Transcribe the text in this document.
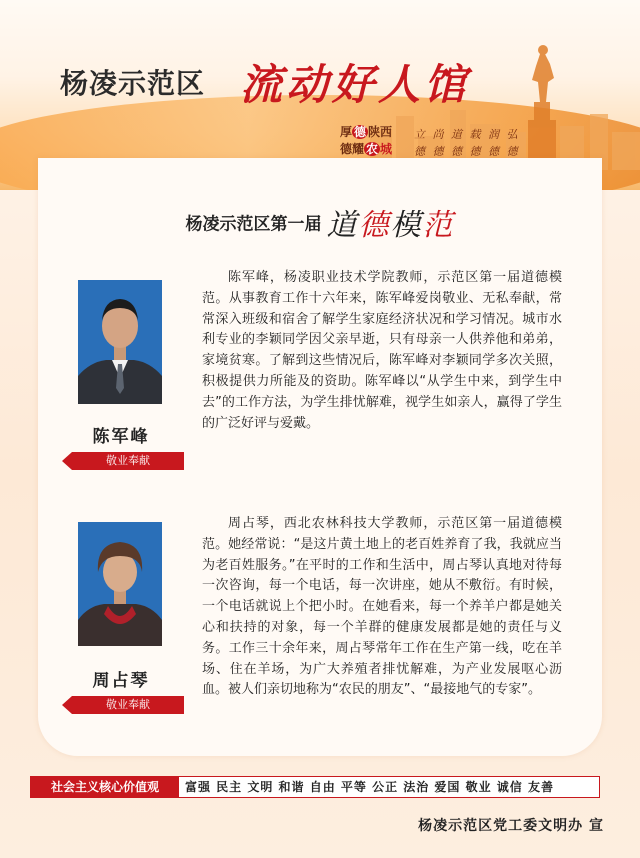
杨凌示范区 流动好人馆
厚 德 陕西
德耀 农 城
立 尚 道 载 润 弘
德 德 德 德 德 德
杨凌示范区第一届 道德模范
陈军峰
敬业奉献

陈军峰，杨凌职业技术学院教师，示范区第一届道德模范。从事教育工作十六年来，陈军峰爱岗敬业、无私奉献，常常深入班级和宿舍了解学生家庭经济状况和学习情况。城市水利专业的李颖同学因父亲早逝，只有母亲一人供养他和弟弟，家境贫寒。了解到这些情况后，陈军峰对李颖同学多次关照，积极提供力所能及的资助。陈军峰以“从学生中来，到学生中去”的工作方法，为学生排忧解难，视学生如亲人，赢得了学生的广泛好评与爱戴。

周占琴
敬业奉献

周占琴，西北农林科技大学教师，示范区第一届道德模范。她经常说：“是这片黄土地上的老百姓养育了我，我就应当为老百姓服务。”在平时的工作和生活中，周占琴认真地对待每一次咨询，每一个电话，每一次讲座，她从不敷衍。有时候，一个电话就说上个把小时。在她看来，每一个养羊户都是她关心和扶持的对象，每一个羊群的健康发展都是她的责任与义务。工作三十余年来，周占琴常年工作在生产第一线，吃在羊场、住在羊场，为广大养殖者排忧解难，为产业发展呕心沥血。被人们亲切地称为“农民的朋友”、“最接地气的专家”。

社会主义核心价值观	富强 民主 文明 和谐 自由 平等 公正 法治 爱国 敬业 诚信 友善
杨凌示范区党工委文明办 宣
